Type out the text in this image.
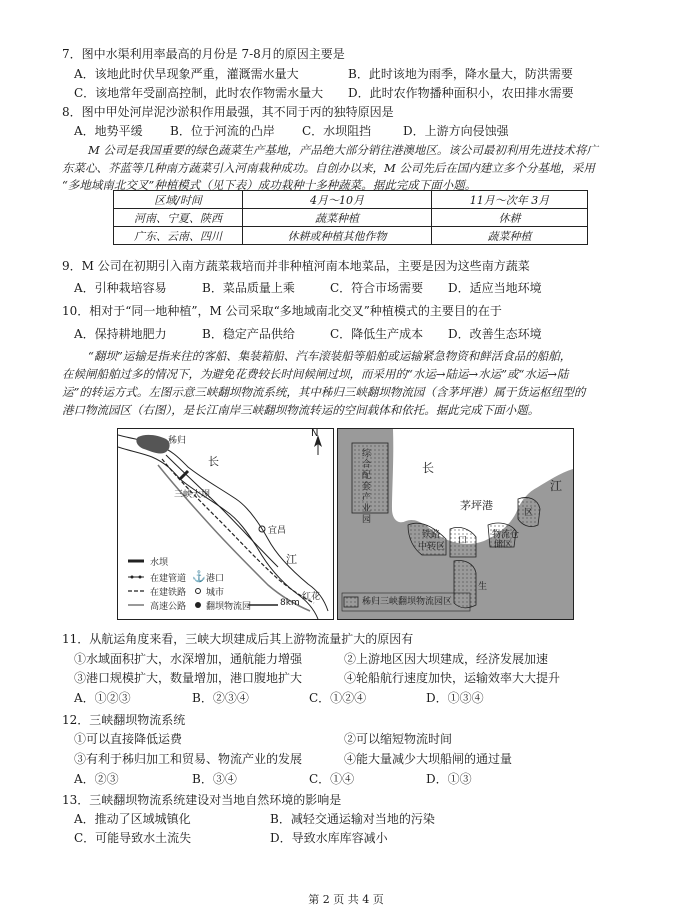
7．图中水渠利用率最高的月份是 7-8月的原因主要是
A．该地此时伏旱现象严重，灌溉需水量大	B．此时该地为雨季，降水量大，防洪需要
C．该地常年受副高控制，此时农作物需水量大 D．此时农作物播种面积小，农田排水需要
8．图中甲处河岸泥沙淤积作用最强，其不同于丙的独特原因是
A．地势平缓 B．位于河流的凸岸 C．水坝阻挡	D．上游方向侵蚀强
M 公司是我国重要的绿色蔬菜生产基地，产品绝大部分销往港澳地区。该公司最初利用先进技术将广
东菜心、芥蓝等几种南方蔬菜引入河南栽种成功。自创办以来，M 公司先后在国内建立多个分基地，采用
“多地域南北交叉”种植模式（见下表）成功栽种十多种蔬菜。据此完成下面小题。
区域/时间	4月～10月	11月～次年 3月
河南、宁夏、陕西	蔬菜种植	休耕
广东、云南、四川	休耕或种植其他作物	蔬菜种植
9．M 公司在初期引入南方蔬菜栽培而并非种植河南本地菜品，主要是因为这些南方蔬菜
A．引种栽培容易	B．菜品质量上乘	C．符合市场需要 D．适应当地环境
10．相对于“同一地种植”，M 公司采取“多地域南北交叉”种植模式的主要目的在于
A．保持耕地肥力	B．稳定产品供给	C．降低生产成本 D．改善生态环境
“翻坝”运输是指来往的客船、集装箱船、汽车滚装船等船舶或运输紧急物资和鲜活食品的船舶，
在候闸船舶过多的情况下，为避免花费较长时间候闸过坝，而采用的“水运→陆运→水运”或“水运→陆
运”的转运方式。左图示意三峡翻坝物流系统，其中秭归三峡翻坝物流园（含茅坪港）属于货运枢纽型的
港口物流园区（右图），是长江南岸三峡翻坝物流转运的空间载体和依托。据此完成下面小题。
N
秭归
长
三峡大坝
宜昌
江
红花
水坝
在建管道 ⚓ 港口
在建铁路 城市
高速公路 翻坝物流园	8km
综合配套产业园
长
江
茅坪港
铁路
中转区
物流仓
储区
口
区
生
秭归三峡翻坝物流园区
11．从航运角度来看，三峡大坝建成后其上游物流量扩大的原因有
①水域面积扩大，水深增加，通航能力增强	②上游地区因大坝建成，经济发展加速
③港口规模扩大，数量增加，港口腹地扩大	④轮船航行速度加快，运输效率大大提升
A．①②③	B．②③④	C．①②④	D．①③④
12．三峡翻坝物流系统
①可以直接降低运费	②可以缩短物流时间
③有利于秭归加工和贸易、物流产业的发展	④能大量减少大坝船闸的通过量
A．②③	B．③④	C．①④	D．①③
13．三峡翻坝物流系统建设对当地自然环境的影响是
A．推动了区域城镇化	B．减轻交通运输对当地的污染
C．可能导致水土流失	D．导致水库库容减小
第 2 页 共 4 页
